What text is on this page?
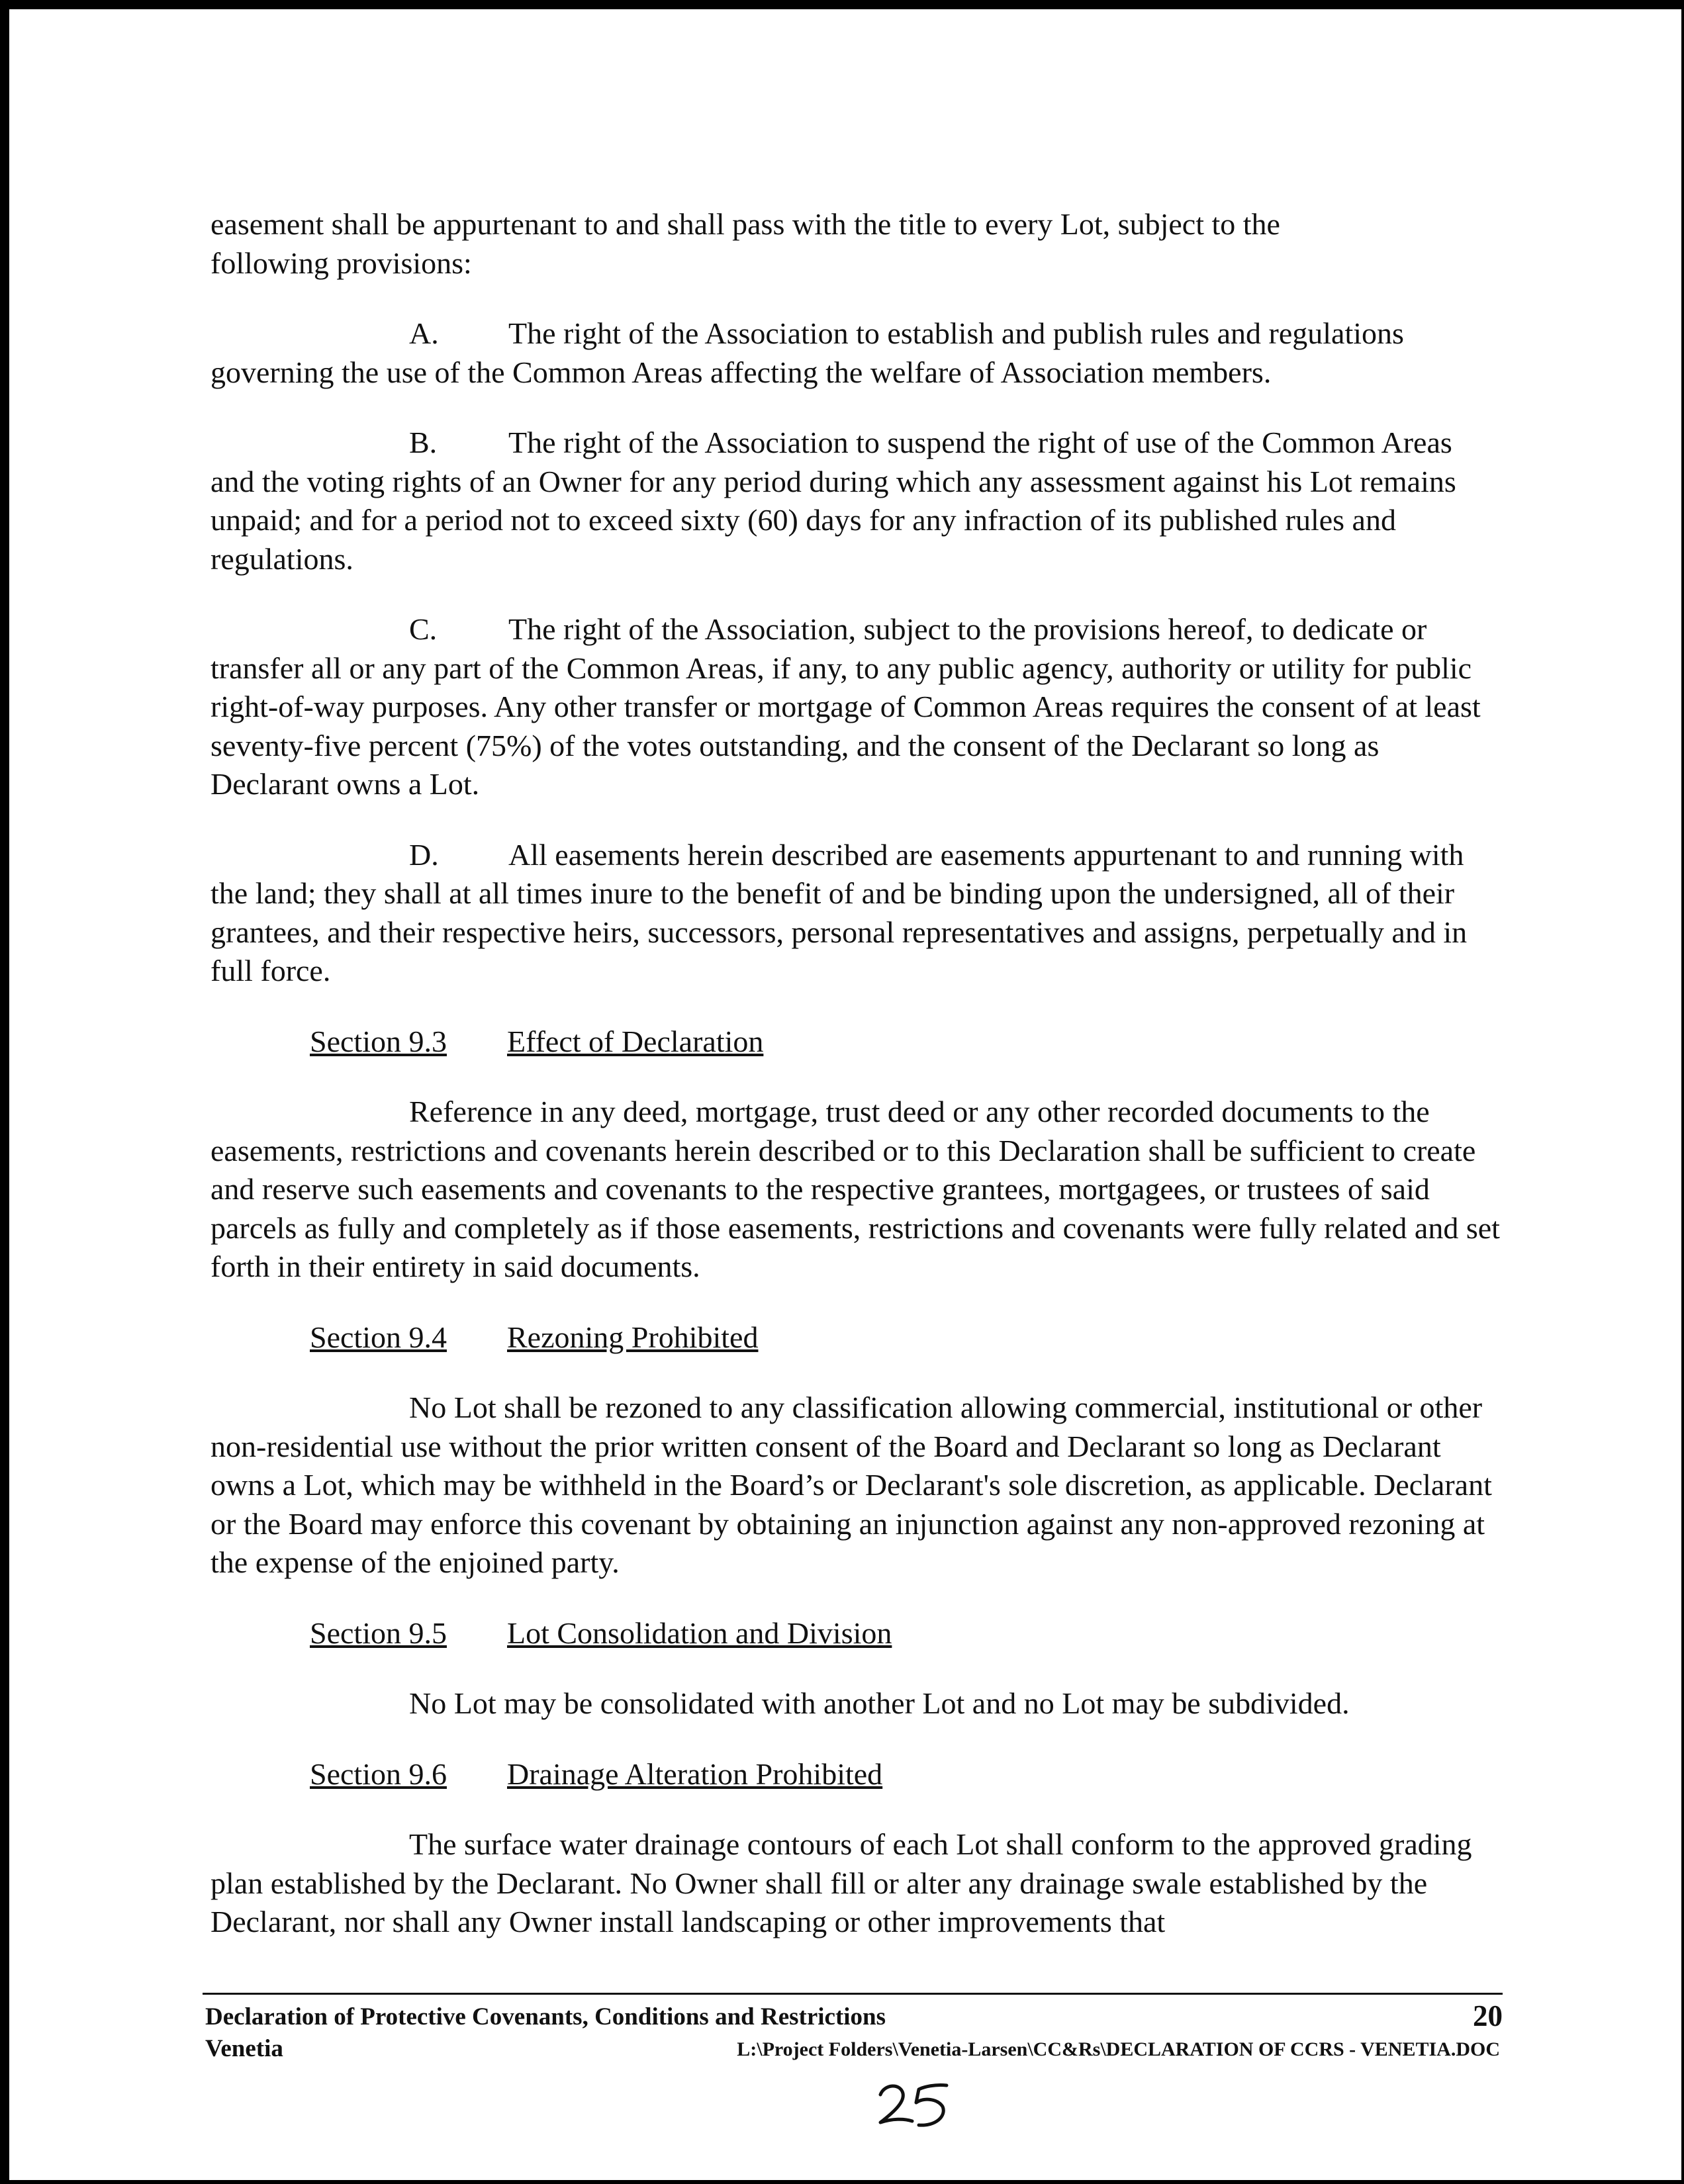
easement shall be appurtenant to and shall pass with the title to every Lot, subject to the
following provisions:

A. The right of the Association to establish and publish rules and regulations governing the use of the Common Areas affecting the welfare of Association members.

B. The right of the Association to suspend the right of use of the Common Areas and the voting rights of an Owner for any period during which any assessment against his Lot remains unpaid; and for a period not to exceed sixty (60) days for any infraction of its published rules and regulations.

C. The right of the Association, subject to the provisions hereof, to dedicate or transfer all or any part of the Common Areas, if any, to any public agency, authority or utility for public right-of-way purposes. Any other transfer or mortgage of Common Areas requires the consent of at least seventy-five percent (75%) of the votes outstanding, and the consent of the Declarant so long as Declarant owns a Lot.

D. All easements herein described are easements appurtenant to and running with the land; they shall at all times inure to the benefit of and be binding upon the undersigned, all of their grantees, and their respective heirs, successors, personal representatives and assigns, perpetually and in full force.

Section 9.3 Effect of Declaration

Reference in any deed, mortgage, trust deed or any other recorded documents to the easements, restrictions and covenants herein described or to this Declaration shall be sufficient to create and reserve such easements and covenants to the respective grantees, mortgagees, or trustees of said parcels as fully and completely as if those easements, restrictions and covenants were fully related and set forth in their entirety in said documents.

Section 9.4 Rezoning Prohibited

No Lot shall be rezoned to any classification allowing commercial, institutional or other non-residential use without the prior written consent of the Board and Declarant so long as Declarant owns a Lot, which may be withheld in the Board’s or Declarant's sole discretion, as applicable. Declarant or the Board may enforce this covenant by obtaining an injunction against any non-approved rezoning at the expense of the enjoined party.

Section 9.5 Lot Consolidation and Division

No Lot may be consolidated with another Lot and no Lot may be subdivided.

Section 9.6 Drainage Alteration Prohibited

The surface water drainage contours of each Lot shall conform to the approved grading plan established by the Declarant. No Owner shall fill or alter any drainage swale established by the Declarant, nor shall any Owner install landscaping or other improvements that

Declaration of Protective Covenants, Conditions and Restrictions	20
Venetia	L:\Project Folders\Venetia-Larsen\CC&Rs\DECLARATION OF CCRS - VENETIA.DOC
